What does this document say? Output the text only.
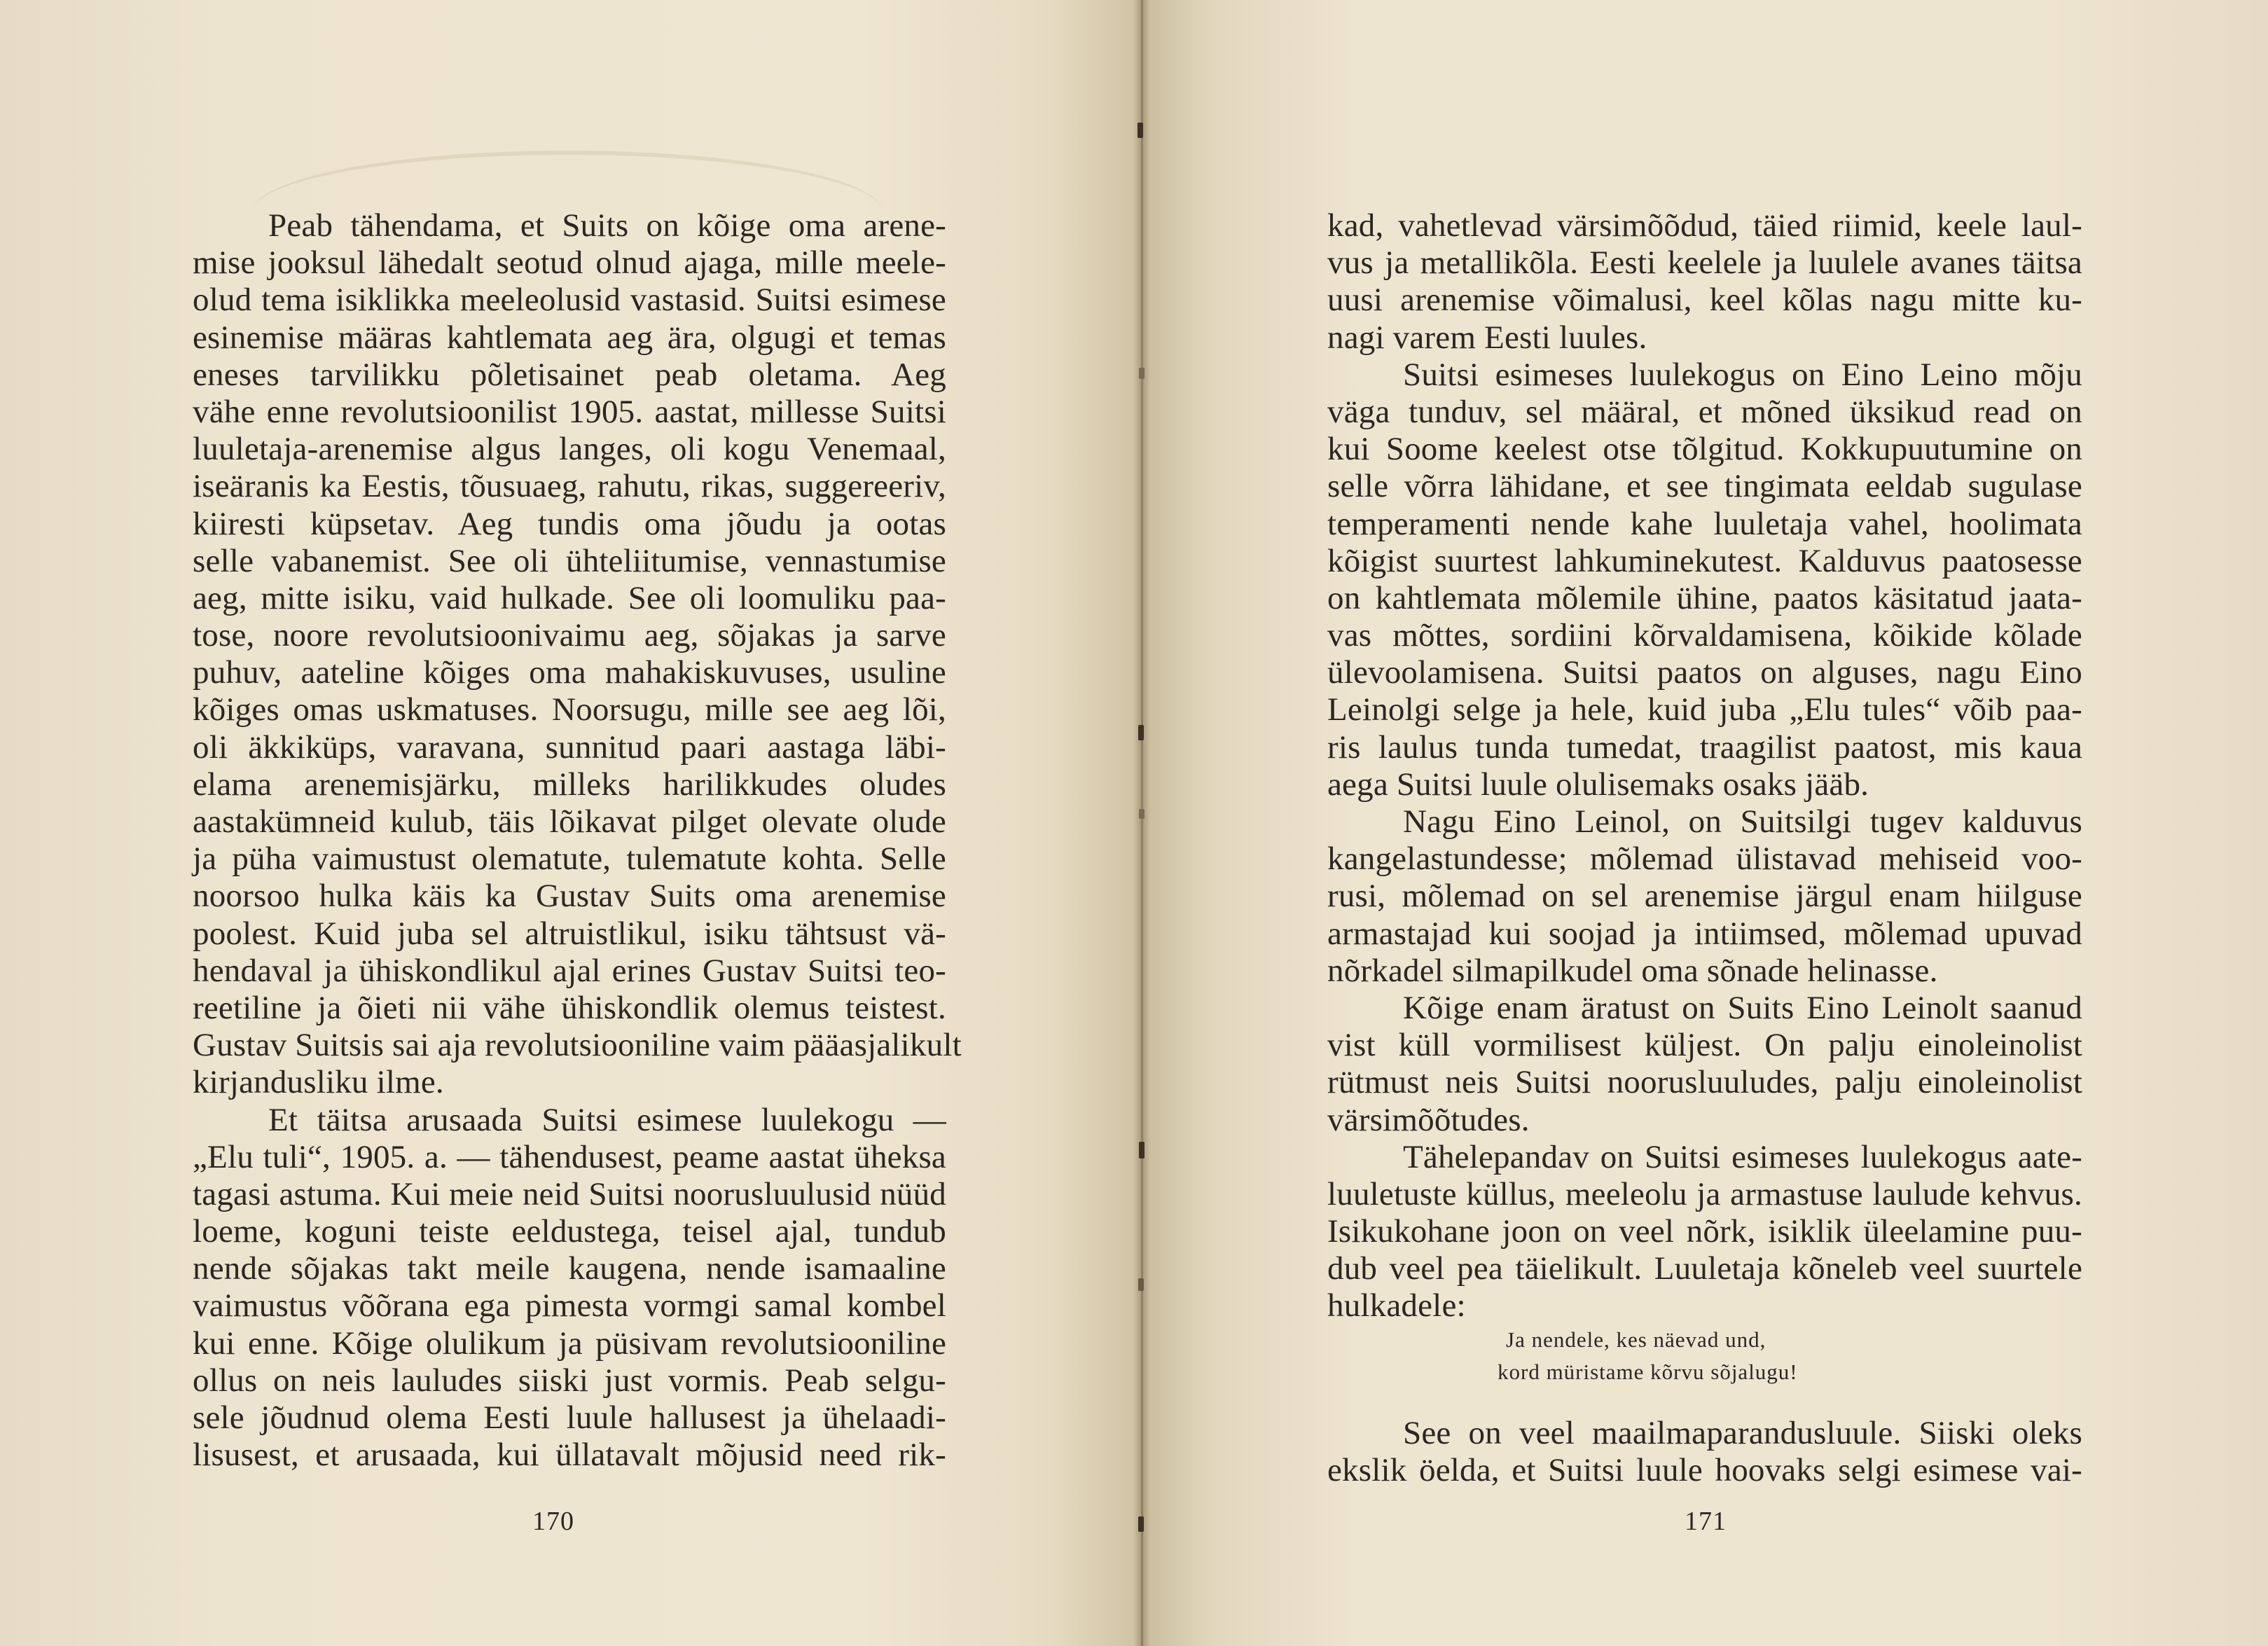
Peab tähendama, et Suits on kõige oma arene-
mise jooksul lähedalt seotud olnud ajaga, mille meele-
olud tema isiklikka meeleolusid vastasid. Suitsi esimese
esinemise määras kahtlemata aeg ära, olgugi et temas
eneses tarvilikku põletisainet peab oletama. Aeg
vähe enne revolutsioonilist 1905. aastat, millesse Suitsi
luuletaja-arenemise algus langes, oli kogu Venemaal,
iseäranis ka Eestis, tõusuaeg, rahutu, rikas, suggereeriv,
kiiresti küpsetav. Aeg tundis oma jõudu ja ootas
selle vabanemist. See oli ühteliitumise, vennastumise
aeg, mitte isiku, vaid hulkade. See oli loomuliku paa-
tose, noore revolutsioonivaimu aeg, sõjakas ja sarve
puhuv, aateline kõiges oma mahakiskuvuses, usuline
kõiges omas uskmatuses. Noorsugu, mille see aeg lõi,
oli äkkiküps, varavana, sunnitud paari aastaga läbi-
elama arenemisjärku, milleks harilikkudes oludes
aastakümneid kulub, täis lõikavat pilget olevate olude
ja püha vaimustust olematute, tulematute kohta. Selle
noorsoo hulka käis ka Gustav Suits oma arenemise
poolest. Kuid juba sel altruistlikul, isiku tähtsust vä-
hendaval ja ühiskondlikul ajal erines Gustav Suitsi teo-
reetiline ja õieti nii vähe ühiskondlik olemus teistest.
Gustav Suitsis sai aja revolutsiooniline vaim pääasjalikult
kirjandusliku ilme.
Et täitsa arusaada Suitsi esimese luulekogu —
„Elu tuli“, 1905. a. — tähendusest, peame aastat üheksa
tagasi astuma. Kui meie neid Suitsi noorusluulusid nüüd
loeme, koguni teiste eeldustega, teisel ajal, tundub
nende sõjakas takt meile kaugena, nende isamaaline
vaimustus võõrana ega pimesta vormgi samal kombel
kui enne. Kõige olulikum ja püsivam revolutsiooniline
ollus on neis lauludes siiski just vormis. Peab selgu-
sele jõudnud olema Eesti luule hallusest ja ühelaadi-
lisusest, et arusaada, kui üllatavalt mõjusid need rik-
170
kad, vahetlevad värsimõõdud, täied riimid, keele laul-
vus ja metallikõla. Eesti keelele ja luulele avanes täitsa
uusi arenemise võimalusi, keel kõlas nagu mitte ku-
nagi varem Eesti luules.
Suitsi esimeses luulekogus on Eino Leino mõju
väga tunduv, sel määral, et mõned üksikud read on
kui Soome keelest otse tõlgitud. Kokkupuutumine on
selle võrra lähidane, et see tingimata eeldab sugulase
temperamenti nende kahe luuletaja vahel, hoolimata
kõigist suurtest lahkuminekutest. Kalduvus paatosesse
on kahtlemata mõlemile ühine, paatos käsitatud jaata-
vas mõttes, sordiini kõrvaldamisena, kõikide kõlade
ülevoolamisena. Suitsi paatos on alguses, nagu Eino
Leinolgi selge ja hele, kuid juba „Elu tules“ võib paa-
ris laulus tunda tumedat, traagilist paatost, mis kaua
aega Suitsi luule olulisemaks osaks jääb.
Nagu Eino Leinol, on Suitsilgi tugev kalduvus
kangelastundesse; mõlemad ülistavad mehiseid voo-
rusi, mõlemad on sel arenemise järgul enam hiilguse
armastajad kui soojad ja intiimsed, mõlemad upuvad
nõrkadel silmapilkudel oma sõnade helinasse.
Kõige enam äratust on Suits Eino Leinolt saanud
vist küll vormilisest küljest. On palju einoleinolist
rütmust neis Suitsi noorusluuludes, palju einoleinolist
värsimõõtudes.
Tähelepandav on Suitsi esimeses luulekogus aate-
luuletuste küllus, meeleolu ja armastuse laulude kehvus.
Isikukohane joon on veel nõrk, isiklik üleelamine puu-
dub veel pea täielikult. Luuletaja kõneleb veel suurtele
hulkadele:
Ja nendele, kes näevad und,
kord müristame kõrvu sõjalugu!
See on veel maailmaparandusluule. Siiski oleks
ekslik öelda, et Suitsi luule hoovaks selgi esimese vai-
171
